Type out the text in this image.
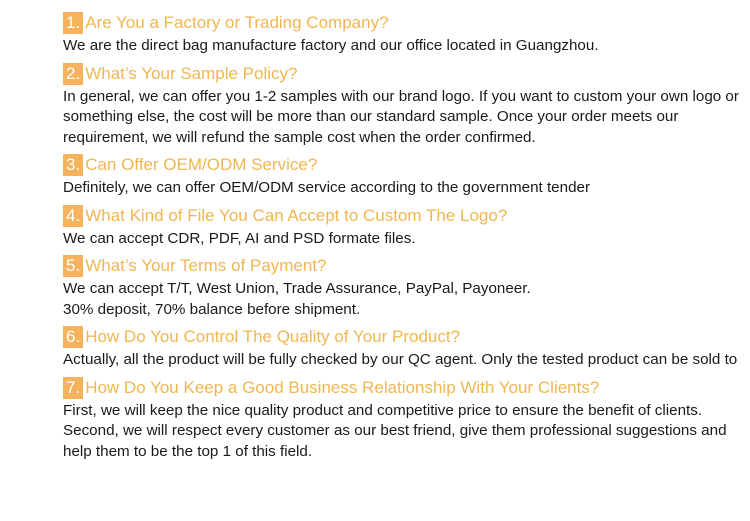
1. Are You a Factory or Trading Company?

We are the direct bag manufacture factory and our office located in Guangzhou.

2. What’s Your Sample Policy?

In general, we can offer you 1-2 samples with our brand logo. If you want to custom your own logo or something else, the cost will be more than our standard sample. Once your order meets our requirement, we will refund the sample cost when the order confirmed.

3. Can Offer OEM/ODM Service?

Definitely, we can offer OEM/ODM service according to the government tender

4. What Kind of File You Can Accept to Custom The Logo?

We can accept CDR, PDF, AI and PSD formate files.

5. What’s Your Terms of Payment?

We can accept T/T, West Union, Trade Assurance, PayPal, Payoneer.

30% deposit, 70% balance before shipment.

6. How Do You Control The Quality of Your Product?

Actually, all the product will be fully checked by our QC agent. Only the tested product can be sold to

7. How Do You Keep a Good Business Relationship With Your Clients?

First, we will keep the nice quality product and competitive price to ensure the benefit of clients.

Second, we will respect every customer as our best friend, give them professional suggestions and help them to be the top 1 of this field.
